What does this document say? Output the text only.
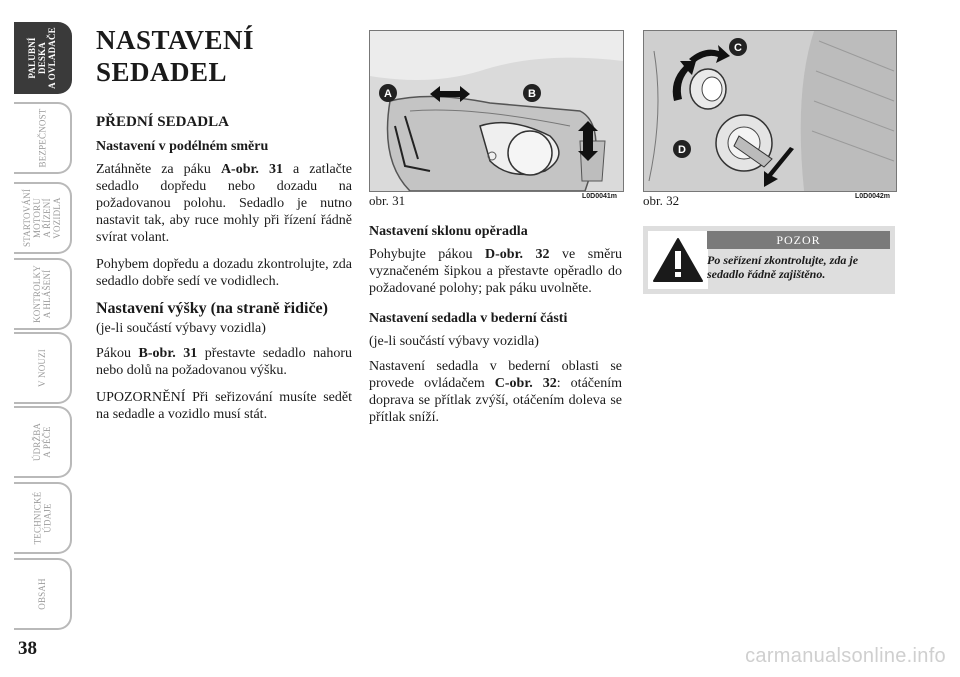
PALUBNÍ
DESKA
A OVLADAČE
BEZPEČNOST
STARTOVÁNÍ
MOTORU
A ŘÍZENÍ
VOZIDLA
KONTROLKY
A HLÁŠENÍ
V NOUZI
ÚDRŽBA
A PÉČE
TECHNICKÉ
ÚDAJE
OBSAH
38
NASTAVENÍ
SEDADEL
PŘEDNÍ SEDADLA
Nastavení v podélném směru

Zatáhněte za páku A-obr. 31 a zatlačte sedadlo dopředu nebo dozadu na požadovanou polohu. Sedadlo je nutno nastavit tak, aby ruce mohly při řízení řádně svírat volant.

Pohybem dopředu a dozadu zkontrolujte, zda sedadlo dobře sedí ve vodidlech.

Nastavení výšky (na straně řidiče)
(je-li součástí výbavy vozidla)

Pákou B-obr. 31 přestavte sedadlo nahoru nebo dolů na požadovanou výšku.

UPOZORNĚNÍ Při seřizování musíte sedět na sedadle a vozidlo musí stát.

A	B
obr. 31	L0D0041m
C
D
obr. 32	L0D0042m
Nastavení sklonu opěradla

Pohybujte pákou D-obr. 32 ve směru vyznačeném šipkou a přestavte opěradlo do požadované polohy; pak páku uvolněte.

Nastavení sedadla v bederní části
(je-li součástí výbavy vozidla)

Nastavení sedadla v bederní oblasti se provede ovládačem C-obr. 32: otáčením doprava se přítlak zvýší, otáčením doleva se přítlak sníží.

POZOR
Po seřízení zkontrolujte, zda je sedadlo řádně zajištěno.
carmanualsonline.info
